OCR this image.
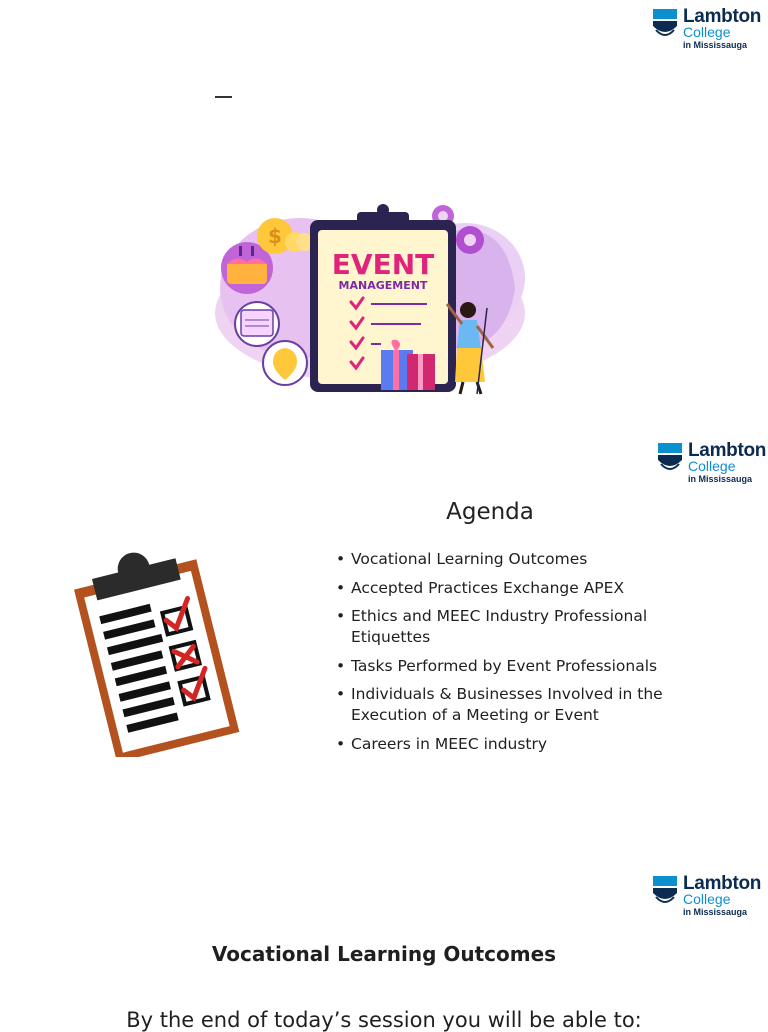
Lambton
College
in Mississauga
$
EVENT
MANAGEMENT
Lambton
College
in Mississauga
Agenda
• Vocational Learning Outcomes
• Accepted Practices Exchange APEX
• Ethics and MEEC Industry Professional Etiquettes
• Tasks Performed by Event Professionals
• Individuals & Businesses Involved in the Execution of a Meeting or Event
• Careers in MEEC industry
Lambton
College
in Mississauga
Vocational Learning Outcomes
By the end of today’s session you will be able to:
